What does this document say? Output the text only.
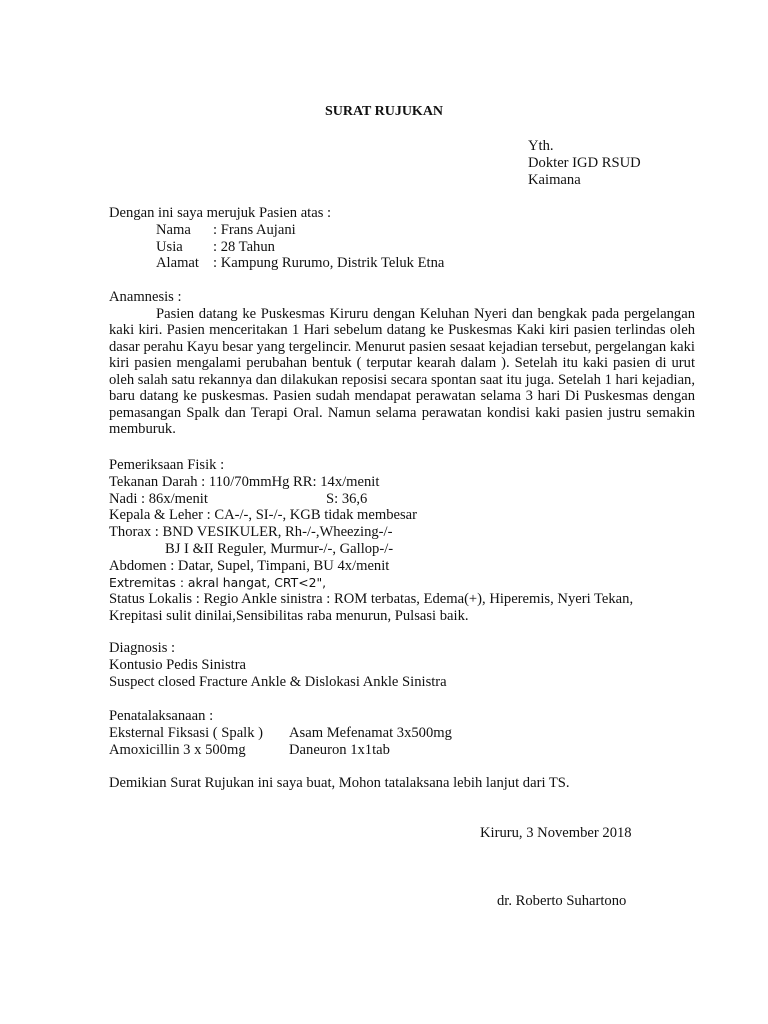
SURAT RUJUKAN
Yth.
Dokter IGD RSUD
Kaimana
Dengan ini saya merujuk Pasien atas :
Nama : Frans Aujani
Usia : 28 Tahun
Alamat : Kampung Rurumo, Distrik Teluk Etna
Anamnesis :

Pasien datang ke Puskesmas Kiruru dengan Keluhan Nyeri dan bengkak pada pergelangan kaki kiri. Pasien menceritakan 1 Hari sebelum datang ke Puskesmas Kaki kiri pasien terlindas oleh dasar perahu Kayu besar yang tergelincir. Menurut pasien sesaat kejadian tersebut, pergelangan kaki kiri pasien mengalami perubahan bentuk ( terputar kearah dalam ). Setelah itu kaki pasien di urut oleh salah satu rekannya dan dilakukan reposisi secara spontan saat itu juga. Setelah 1 hari kejadian, baru datang ke puskesmas. Pasien sudah mendapat perawatan selama 3 hari Di Puskesmas dengan pemasangan Spalk dan Terapi Oral. Namun selama perawatan kondisi kaki pasien justru semakin memburuk.

Pemeriksaan Fisik :
Tekanan Darah : 110/70mmHg RR: 14x/menit
Nadi : 86x/menit	S: 36,6
Kepala & Leher : CA-/-, SI-/-, KGB tidak membesar
Thorax : BND VESIKULER, Rh-/-,Wheezing-/-
BJ I &II Reguler, Murmur-/-, Gallop-/-
Abdomen : Datar, Supel, Timpani, BU 4x/menit
Extremitas : akral hangat, CRT<2",
Status Lokalis : Regio Ankle sinistra : ROM terbatas, Edema(+), Hiperemis, Nyeri Tekan,
Krepitasi sulit dinilai,Sensibilitas raba menurun, Pulsasi baik.
Diagnosis :
Kontusio Pedis Sinistra
Suspect closed Fracture Ankle & Dislokasi Ankle Sinistra
Penatalaksanaan :
Eksternal Fiksasi ( Spalk ) Asam Mefenamat 3x500mg
Amoxicillin 3 x 500mg	Daneuron 1x1tab
Demikian Surat Rujukan ini saya buat, Mohon tatalaksana lebih lanjut dari TS.
Kiruru, 3 November 2018
dr. Roberto Suhartono
